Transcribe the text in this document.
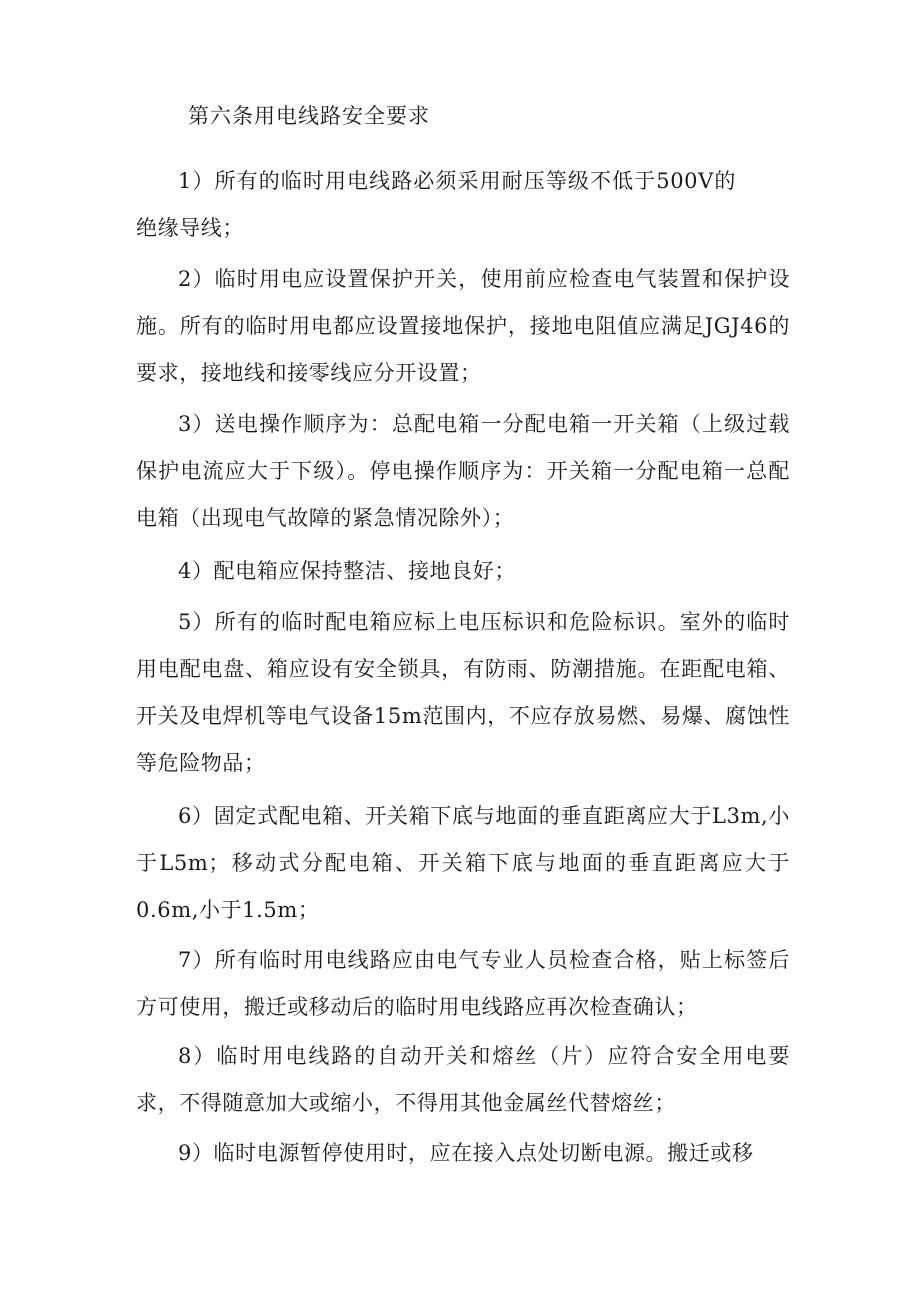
第六条用电线路安全要求

1）所有的临时用电线路必须采用耐压等级不低于500V的绝缘导线；

2）临时用电应设置保护开关，使用前应检查电气装置和保护设施。所有的临时用电都应设置接地保护，接地电阻值应满足JGJ46的要求，接地线和接零线应分开设置；

3）送电操作顺序为：总配电箱一分配电箱一开关箱（上级过载保护电流应大于下级）。停电操作顺序为：开关箱一分配电箱一总配电箱（出现电气故障的紧急情况除外）；

4）配电箱应保持整洁、接地良好；

5）所有的临时配电箱应标上电压标识和危险标识。室外的临时用电配电盘、箱应设有安全锁具，有防雨、防潮措施。在距配电箱、开关及电焊机等电气设备15m范围内，不应存放易燃、易爆、腐蚀性等危险物品；

6）固定式配电箱、开关箱下底与地面的垂直距离应大于L3m,小于L5m；移动式分配电箱、开关箱下底与地面的垂直距离应大于0.6m,小于1.5m；

7）所有临时用电线路应由电气专业人员检查合格，贴上标签后方可使用，搬迁或移动后的临时用电线路应再次检查确认；

8）临时用电线路的自动开关和熔丝（片）应符合安全用电要求，不得随意加大或缩小，不得用其他金属丝代替熔丝；

9）临时电源暂停使用时，应在接入点处切断电源。搬迁或移
